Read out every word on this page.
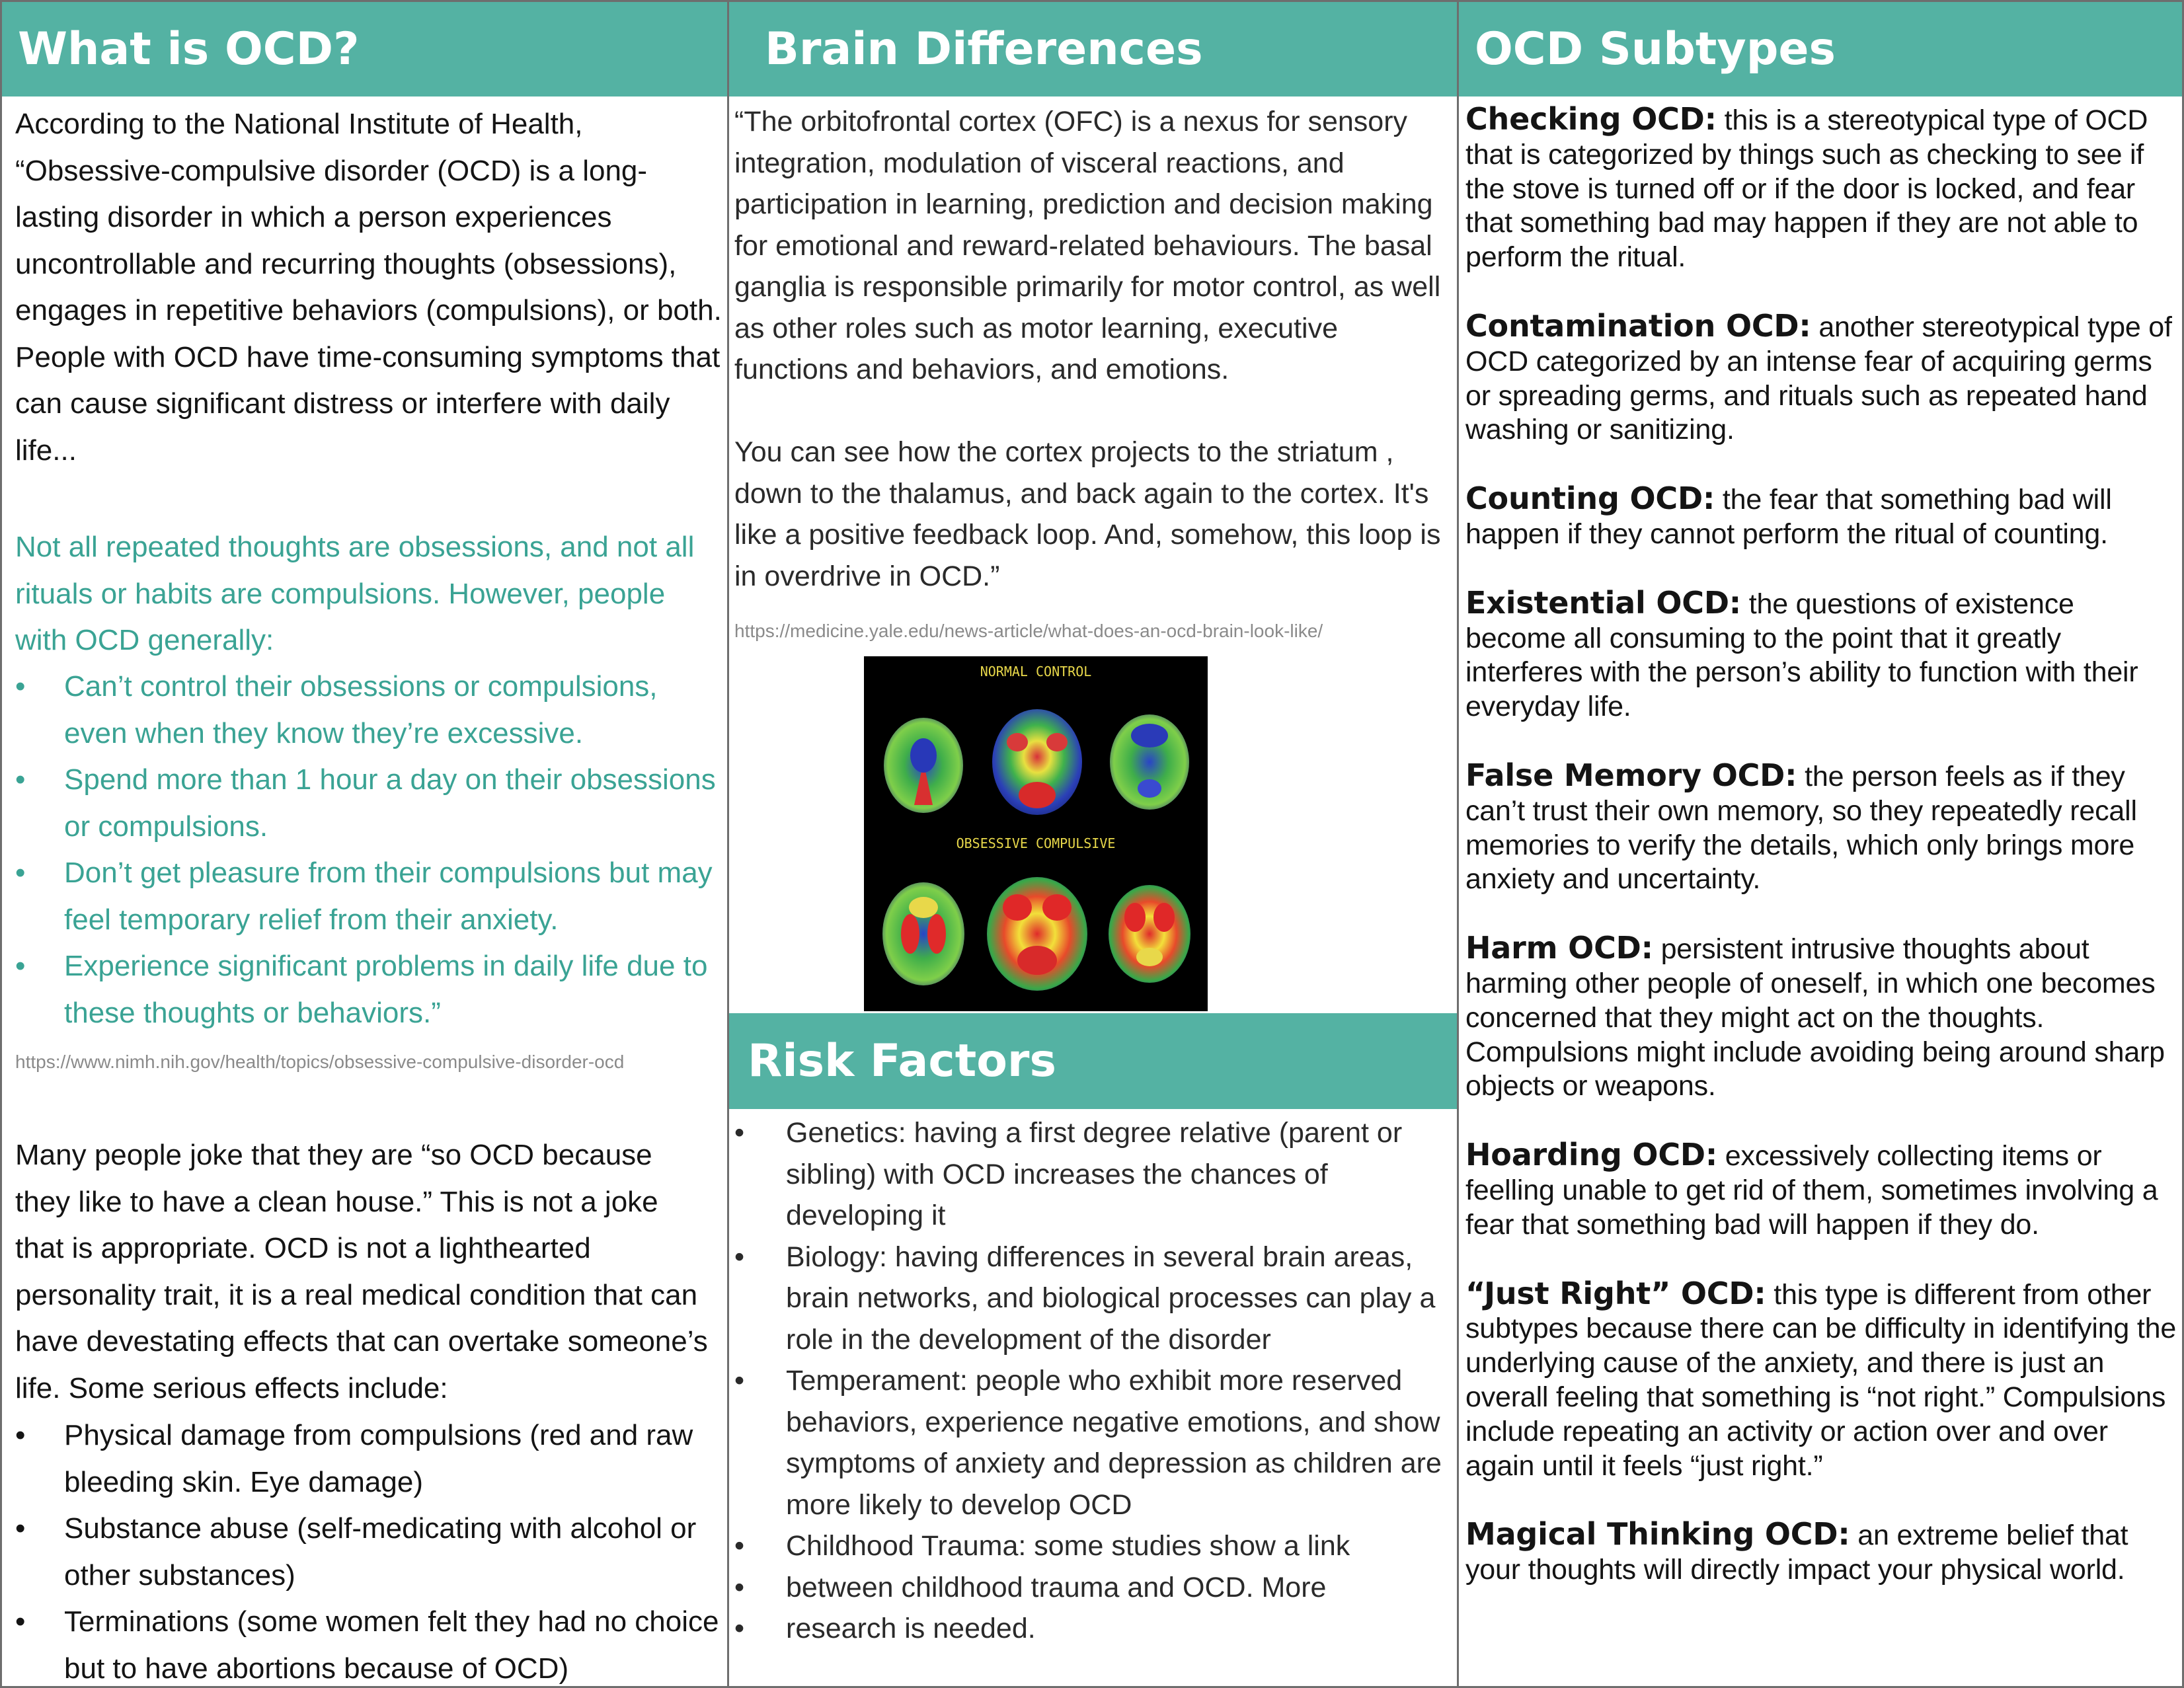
What is OCD?

According to the National Institute of Health, “Obsessive-compulsive disorder (OCD) is a long-lasting disorder in which a person experiences uncontrollable and recurring thoughts (obsessions), engages in repetitive behaviors (compulsions), or both. People with OCD have time-consuming symptoms that can cause significant distress or interfere with daily life...

Not all repeated thoughts are obsessions, and not all rituals or habits are compulsions. However, people with OCD generally:

• Can’t control their obsessions or compulsions, even when they know they’re excessive.
• Spend more than 1 hour a day on their obsessions or compulsions.
• Don’t get pleasure from their compulsions but may feel temporary relief from their anxiety.
• Experience significant problems in daily life due to these thoughts or behaviors.”
https://www.nimh.nih.gov/health/topics/obsessive-compulsive-disorder-ocd

Many people joke that they are “so OCD because they like to have a clean house.” This is not a joke that is appropriate. OCD is not a lighthearted personality trait, it is a real medical condition that can have devestating effects that can overtake someone’s life. Some serious effects include:

• Physical damage from compulsions (red and raw bleeding skin. Eye damage)
• Substance abuse (self-medicating with alcohol or other substances)
• Terminations (some women felt they had no choice but to have abortions because of OCD)
Brain Differences

“The orbitofrontal cortex (OFC) is a nexus for sensory integration, modulation of visceral reactions, and participation in learning, prediction and decision making for emotional and reward-related behaviours. The basal ganglia is responsible primarily for motor control, as well as other roles such as motor learning, executive functions and behaviors, and emotions.

You can see how the cortex projects to the striatum , down to the thalamus, and back again to the cortex. It's like a positive feedback loop. And, somehow, this loop is in overdrive in OCD.”

https://medicine.yale.edu/news-article/what-does-an-ocd-brain-look-like/
NORMAL CONTROL
OBSESSIVE COMPULSIVE
Risk Factors
• Genetics: having a first degree relative (parent or sibling) with OCD increases the chances of developing it
• Biology: having differences in several brain areas, brain networks, and biological processes can play a role in the development of the disorder
• Temperament: people who exhibit more reserved behaviors, experience negative emotions, and show symptoms of anxiety and depression as children are more likely to develop OCD
• Childhood Trauma: some studies show a link
• between childhood trauma and OCD. More
• research is needed.
OCD Subtypes

Checking OCD: this is a stereotypical type of OCD that is categorized by things such as checking to see if the stove is turned off or if the door is locked, and fear that something bad may happen if they are not able to perform the ritual.

Contamination OCD: another stereotypical type of OCD categorized by an intense fear of acquiring germs or spreading germs, and rituals such as repeated hand washing or sanitizing.

Counting OCD: the fear that something bad will happen if they cannot perform the ritual of counting.

Existential OCD: the questions of existence become all consuming to the point that it greatly interferes with the person’s ability to function with their everyday life.

False Memory OCD: the person feels as if they can’t trust their own memory, so they repeatedly recall memories to verify the details, which only brings more anxiety and uncertainty.

Harm OCD: persistent intrusive thoughts about harming other people of oneself, in which one becomes concerned that they might act on the thoughts. Compulsions might include avoiding being around sharp objects or weapons.

Hoarding OCD: excessively collecting items or feelling unable to get rid of them, sometimes involving a fear that something bad will happen if they do.

“Just Right” OCD: this type is different from other subtypes because there can be difficulty in identifying the underlying cause of the anxiety, and there is just an overall feeling that something is “not right.” Compulsions include repeating an activity or action over and over again until it feels “just right.”

Magical Thinking OCD: an extreme belief that your thoughts will directly impact your physical world.
